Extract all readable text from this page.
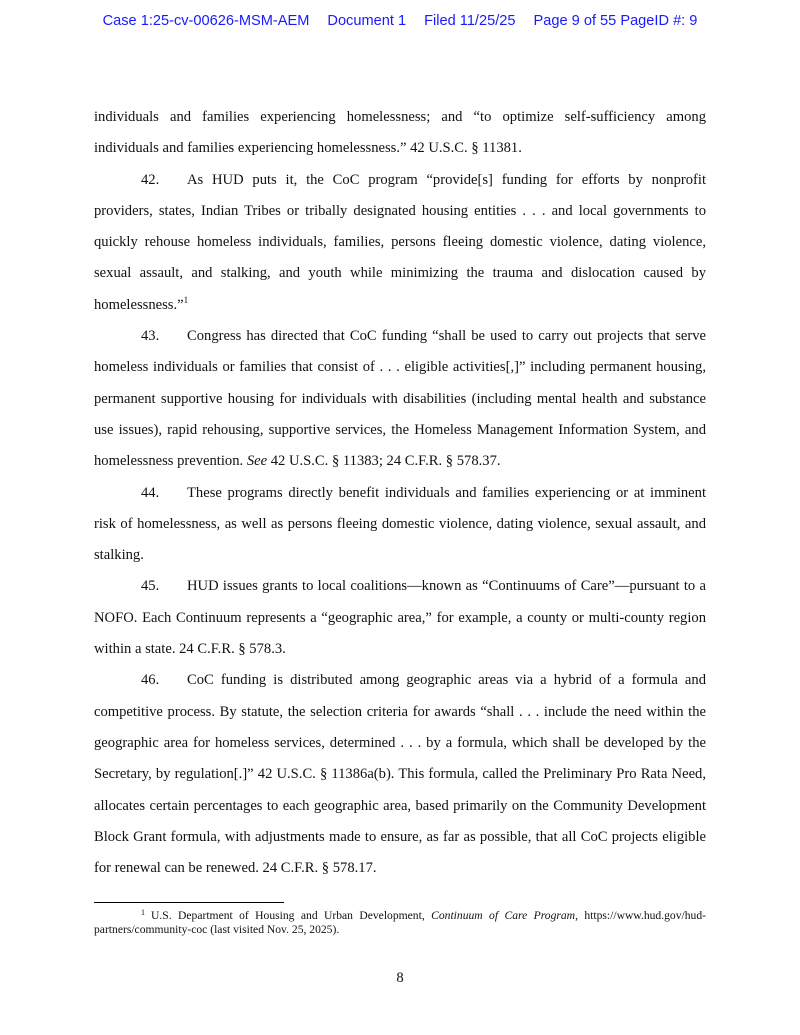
Case 1:25-cv-00626-MSM-AEM Document 1 Filed 11/25/25 Page 9 of 55 PageID #: 9

individuals and families experiencing homelessness; and “to optimize self-sufficiency among individuals and families experiencing homelessness.” 42 U.S.C. § 11381.

42. As HUD puts it, the CoC program “provide[s] funding for efforts by nonprofit providers, states, Indian Tribes or tribally designated housing entities . . . and local governments to quickly rehouse homeless individuals, families, persons fleeing domestic violence, dating violence, sexual assault, and stalking, and youth while minimizing the trauma and dislocation caused by homelessness.”$^1$

43. Congress has directed that CoC funding “shall be used to carry out projects that serve homeless individuals or families that consist of . . . eligible activities[,]” including permanent housing, permanent supportive housing for individuals with disabilities (including mental health and substance use issues), rapid rehousing, supportive services, the Homeless Management Information System, and homelessness prevention. See 42 U.S.C. § 11383; 24 C.F.R. § 578.37.

44. These programs directly benefit individuals and families experiencing or at imminent risk of homelessness, as well as persons fleeing domestic violence, dating violence, sexual assault, and stalking.

45. HUD issues grants to local coalitions—known as “Continuums of Care”—pursuant to a NOFO. Each Continuum represents a “geographic area,” for example, a county or multi-county region within a state. 24 C.F.R. § 578.3.

46. CoC funding is distributed among geographic areas via a hybrid of a formula and competitive process. By statute, the selection criteria for awards “shall . . . include the need within the geographic area for homeless services, determined . . . by a formula, which shall be developed by the Secretary, by regulation[.]” 42 U.S.C. § 11386a(b). This formula, called the Preliminary Pro Rata Need, allocates certain percentages to each geographic area, based primarily on the Community Development Block Grant formula, with adjustments made to ensure, as far as possible, that all CoC projects eligible for renewal can be renewed. 24 C.F.R. § 578.17.

$^1$ U.S. Department of Housing and Urban Development, Continuum of Care Program, https://www.hud.gov/hud-partners/community-coc (last visited Nov. 25, 2025).
8
